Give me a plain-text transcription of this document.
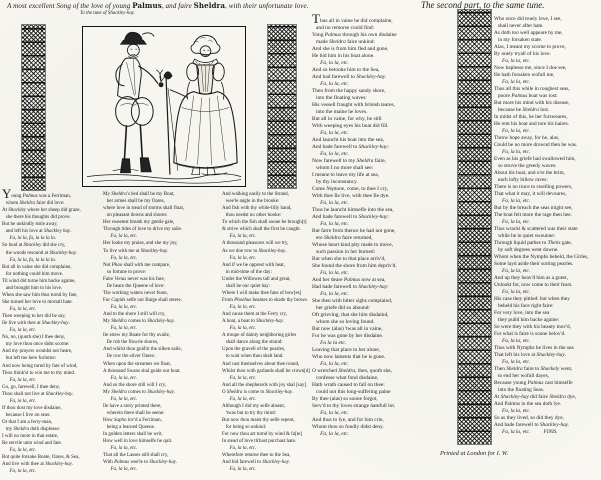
A most excellent Song of the love of young Palmus, and faire Sheldra, with their unfortunate love.
To the tune of Shackley-hay.
The second part, to the same tune.
Young Palmus was a Ferriman,
whom Sheldra faire did love:
At Shackley where her sheep did graze,
she there his thoughts did prove.
But he unkindly stole away,
and left his love at Shackley hay.
Fa, la la, fa, la la la la.
So loud at Shackley did she cry,
the woods resound at Shackley-hay.
Fa, la la, fa, la la la la.
But all in vaine she did complaine,
for nothing could him move.
Til wind did turne him backe againe,
and brought him to his love.
When she saw him thus turnd by fate,
She turned her love to mortall hate.
Fa, la la, etc.
Then weeping to her did he say,
Ile live with thee at Shackley-hay.
Fa, la la, etc.
No, no, (quoth she) I thee deny,
my love thou once didst scorne:
And my prayers wouldst not heare,
but left me here forlorne:
And now being turnd by fate of wind,
Thou think'st to win me to thy mind.
Fa, la la, etc.
Go, go, farewell, I thee deny,
Thou shall not live at Shackley-hay.
Fa, la la, etc.
If thou dost my love disdaine,
because I live on seas:
Or that I am a ferry-man,
my Sheldra doth displease:
I will no more in that estate,
Be servile unto wind and fate.
Fa, la la, etc.
But quite forsake Boate, Oares, & Sea,
And live with thee at Shackley-hay.
Fa, la la, etc.
My Sheldra's bed shall be my Boat,
her armes shall be my Oares,
where love in stead of storms shall float,
on pleasant downs and shores:
Her sweetest breath my gentle gale,
Through tides of love to drive my saile.
Fa, la la, etc.
Her looke my praise, and she my joy,
To live with me at Shackley-hay.
Fa, la la, etc.
Not Phao shall with me compare,
so fortune to prove:
Faire Venus never was his fare,
Ile beare the Queene of love:
The working waters never feare,
For Cupids selfe our Barge shall steere.
Fa, la la, etc.
And to the shore I still will cry,
My Sheldra comes to Shackley-hay.
Fa, la la, etc.
Ile strew my Boate for thy availe,
Ile rob the flowrie shores,
And whilst thou guid'st the silken saile,
Ile row the silver Oares:
When upon the streames we float,
A thousand Swans shal guide our boat.
Fa, la la, etc.
And so the shore still will I cry,
My Sheldra comes to Shackley-hay.
Fa, la la, etc.
Ile have a story printed there,
wherein there shall be seene:
How Sapho lov'd a Ferriman,
being a learned Queene.
In golden letters shall be writ,
How well in love himselfe he quit.
Fa, la la, etc.
That all the Lasses still shall cry,
With Palmus wee'le to Shackley-hay.
Fa, la la, etc.
And walking easily to the Strand,
wee'le angle in the brooke:
And fish with thy white-lilly hand,
thou needst no other hooke:
To which the fish shall soone be brough[t]
& strive which shall the first be caught.
Fa, la la, etc.
A thousand pleasures will we try,
As we doe row to Shackley-hay.
Fa, la la, etc.
And if we be opprest with heat,
in mid-time of the day:
Under the Willowes tall and great,
shall be our quiet bay:
Where I will make thee fans of bow[es]
From Phoebus beames to shade thy browe.
Fa, la la, etc.
And cause them at the Ferry cry,
A boat, a boat to Shackley-hay.
Fa, la la, etc.
A troupe of dainty neighboring girles
shall dance along the strand:
Upon the gravell of the pearles,
to wait when thou shalt land.
And cast themselves about thee round,
Whilst thou with garlands shall be crown[d]
Fa, la la, etc.
And all the shepheards with joy shal [say]
O Sheldra is come to Shackley-hay.
Fa, la la, etc.
Although I did my selfe absent,
'twas but to try thy mind:
But now thou maist thy selfe repent,
for being so unkind:
For now thou art turnd by wind & fa[te]
In stead of love th'hast purchast hate.
Fa, la la, etc.
Wherefore returne thee to the Sea,
And bid farewell to Shackley-hay.
Fa, la la, etc.
Thus all in vaine he did complaine,
and no remorse could find:
Yong Palmus through his own disdaine
made Sheldra faire unkind:
And she is from him fled and gone,
He bid him in his boat alone.
Fa, la la, etc.
And so betooke him to the Sea,
And bad farewell to Shackley-hay.
Fa, la la, etc.
Then from the happy sandy shore,
into the floating waves:
His vessell fraught with brinish teares,
into the maine he loves.
But all in vaine, for why, he still
With weeping eyes his boat did fill.
Fa, la la, etc.
And launcht his boat into the sea,
And bade farewell to Shackley-hay:
Fa, la la, etc.
Now farewell to my Sheldra faire,
whom I no more shall see:
I meane to leave my life at sea,
by thy inconstancy.
Come Neptune, come, to thee I cry,
With thee Ile live, with thee Ile dye.
Fa, la la, etc.
Thus he launcht himselfe into the sea,
And bade farewell to Shackley-hay:
Fa, la la, etc.
But farre from thence he had not gone,
ere Sheldra faire returned,
Whose heart kind pity made to move,
such passion in her burned:
But when she to that place arriv'd,
She found the shore from him depriv'd.
Fa, la la, etc.
And her deare Palmus now at sea,
Had bade farewell to Shackley-hay:
Fa, la la, etc.
She then with bitter sighs complaind,
her griefe did so abound:
Oft grieving, that she him disdaind,
whom she so loving found.
But now (alas) 'twas all in vaine,
For he was gone by her disdaine.
Fa la la etc.
Leaving that place to her alone,
Who now laments that he is gone.
Fa, la la, etc.
O wretched Sheldra, then, quoth she,
confesse what fond disdaine,
Hath wrath caused to fall on thee:
could not this long-suffering paine
By thee (alas) so soone forgot,
Serv'd to thy loves strange hatefull lot.
Fa, la la, etc.
And thus to lye, and for him crie,
Whom thou so fondly didst deny.
Fa, la la, etc.
Who once did truely love, I see,
shall never after hate.
As doth too well appeare by me,
in my forsaken state.
Alas, I meant my scorne to prove,
By onely tryall of his love.
Fa, la la, etc.
Now haplesse me, since I doe see,
He hath forsaken wofull me,
Fa, la la, etc.
Thus all this while in roughest seas,
poore Palmus boat was tost:
But more his mind with his disease,
because he Sheldra lost.
In midst of this, he her forsweares,
He rent his boat and tore his haires.
Fa, la la, etc.
Throw hope away, for he, alas,
Could be no more drownd then he was.
Fa, la la, etc.
Even as his griefe had swallowed him,
so strove the greedy waves:
About his boat, and o're the brim,
each lofty billow raves:
There is no truce to swelling powers,
That what it may, it will devoures,
Fa, la la, etc.
But by the breach the seas might see,
The boat felt more the rage then hee.
Fa, la la, etc.
Thus wrackt & scattered was their state
while he in quiet swounne:
Through liquid pathes to Thetis gate,
by soft degrees went downe.
Whom when the Nymphs beheld, the Girles,
Some layd aside their sorting pearles.
Fa, la la, etc.
And up they heav'd him as a guest,
Unlookt for, now come to their feast.
Fa, la la, etc.
His case they pittied: but when they
beheld his face right faire:
For very love, into the sea
they pulld him backe againe:
So were they with his beauty mov'd,
For what is faire is soone belov'd.
Fa, la la, etc.
Thus with Nymphs he lives in the sea
That left his love at Shackley-hay.
Fa, la la, etc.
Then Sheldra faire to Shackely went,
to end her wofull dayes,
Because young Palmus cast himselfe
into the floating Seas.
At Shackley-hay did faire Sheldra dye,
And Palmus in the sea doth lye.
Fa, la la, etc.
So as they lived, so did they dye,
And bade farewell to Shackley-hay.
Fa, la la, etc.	FINIS.
Printed at London for I. W.
